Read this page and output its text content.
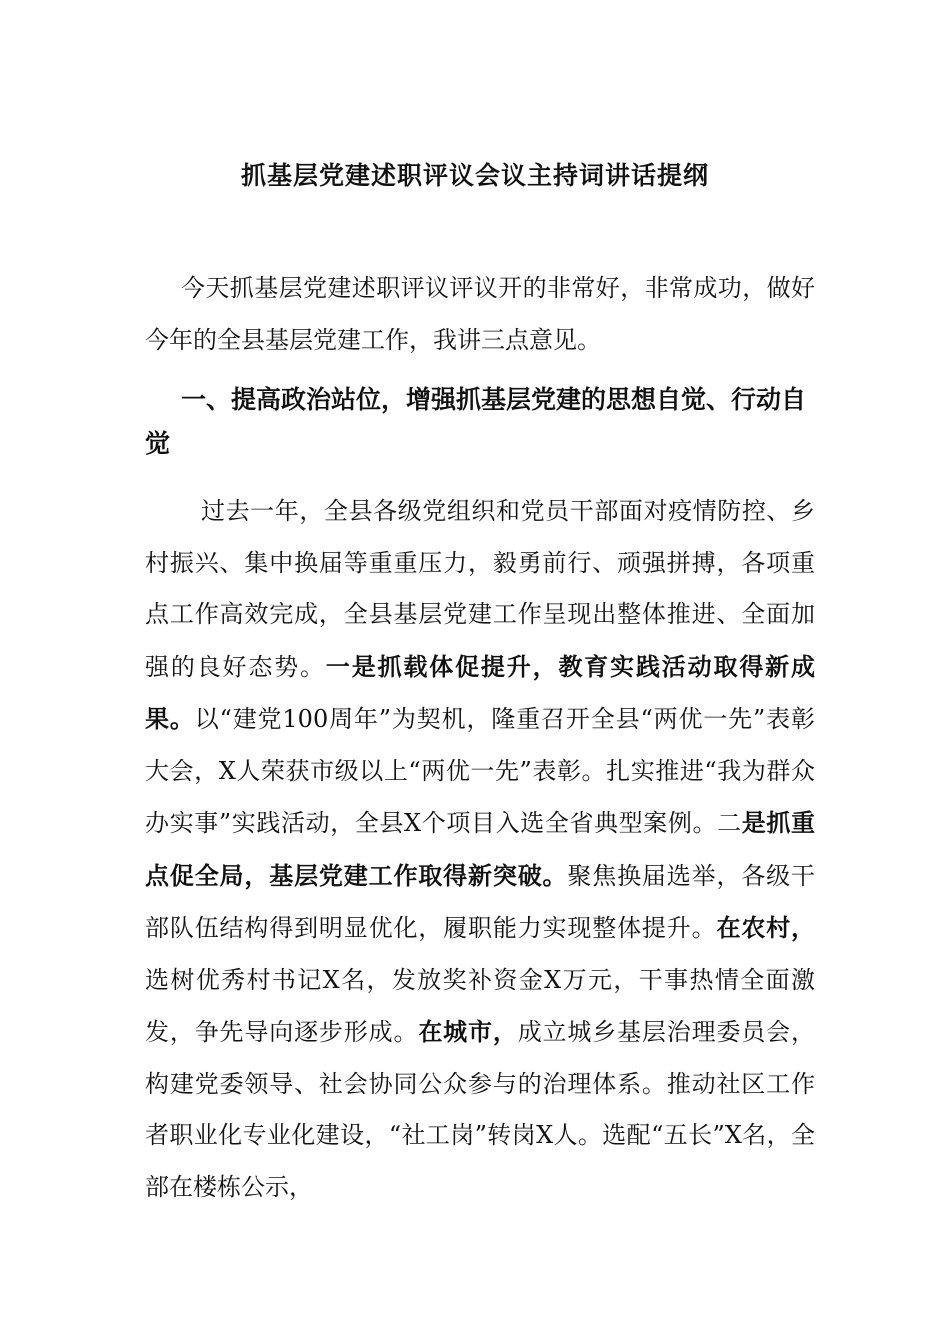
抓基层党建述职评议会议主持词讲话提纲
今天抓基层党建述职评议评议开的非常好，非常成功，做好今年的全县基层党建工作，我讲三点意见。
一、提高政治站位，增强抓基层党建的思想自觉、行动自觉
过去一年，全县各级党组织和党员干部面对疫情防控、乡村振兴、集中换届等重重压力，毅勇前行、顽强拼搏，各项重点工作高效完成，全县基层党建工作呈现出整体推进、全面加强的良好态势。一是抓载体促提升，教育实践活动取得新成果。以“建党100周年”为契机，隆重召开全县“两优一先”表彰大会，X人荣获市级以上“两优一先”表彰。扎实推进“我为群众办实事”实践活动，全县X个项目入选全省典型案例。二是抓重点促全局，基层党建工作取得新突破。聚焦换届选举，各级干部队伍结构得到明显优化，履职能力实现整体提升。在农村，选树优秀村书记X名，发放奖补资金X万元，干事热情全面激发，争先导向逐步形成。在城市，成立城乡基层治理委员会，构建党委领导、社会协同公众参与的治理体系。推动社区工作者职业化专业化建设，“社工岗”转岗X人。选配“五长”X名，全部在楼栋公示，
